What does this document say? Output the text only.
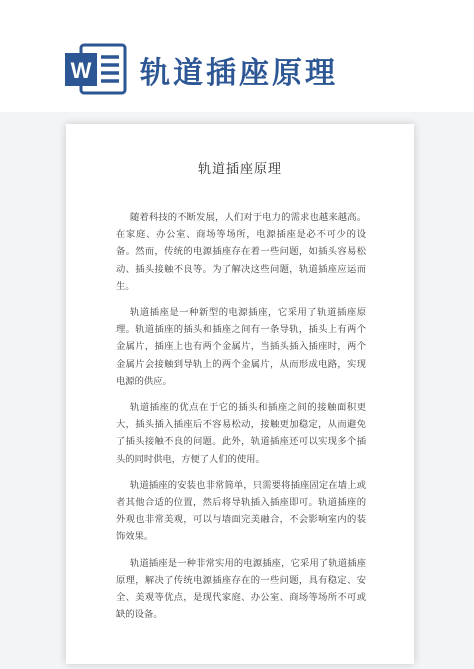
W 轨道插座原理
轨道插座原理

随着科技的不断发展，人们对于电力的需求也越来越高。在家庭、办公室、商场等场所，电源插座是必不可少的设备。然而，传统的电源插座存在着一些问题，如插头容易松动、插头接触不良等。为了解决这些问题，轨道插座应运而生。

轨道插座是一种新型的电源插座，它采用了轨道插座原理。轨道插座的插头和插座之间有一条导轨，插头上有两个金属片，插座上也有两个金属片，当插头插入插座时，两个金属片会接触到导轨上的两个金属片，从而形成电路，实现电源的供应。

轨道插座的优点在于它的插头和插座之间的接触面积更大，插头插入插座后不容易松动，接触更加稳定，从而避免了插头接触不良的问题。此外，轨道插座还可以实现多个插头的同时供电，方便了人们的使用。

轨道插座的安装也非常简单，只需要将插座固定在墙上或者其他合适的位置，然后将导轨插入插座即可。轨道插座的外观也非常美观，可以与墙面完美融合，不会影响室内的装饰效果。

轨道插座是一种非常实用的电源插座，它采用了轨道插座原理，解决了传统电源插座存在的一些问题，具有稳定、安全、美观等优点，是现代家庭、办公室、商场等场所不可或缺的设备。
